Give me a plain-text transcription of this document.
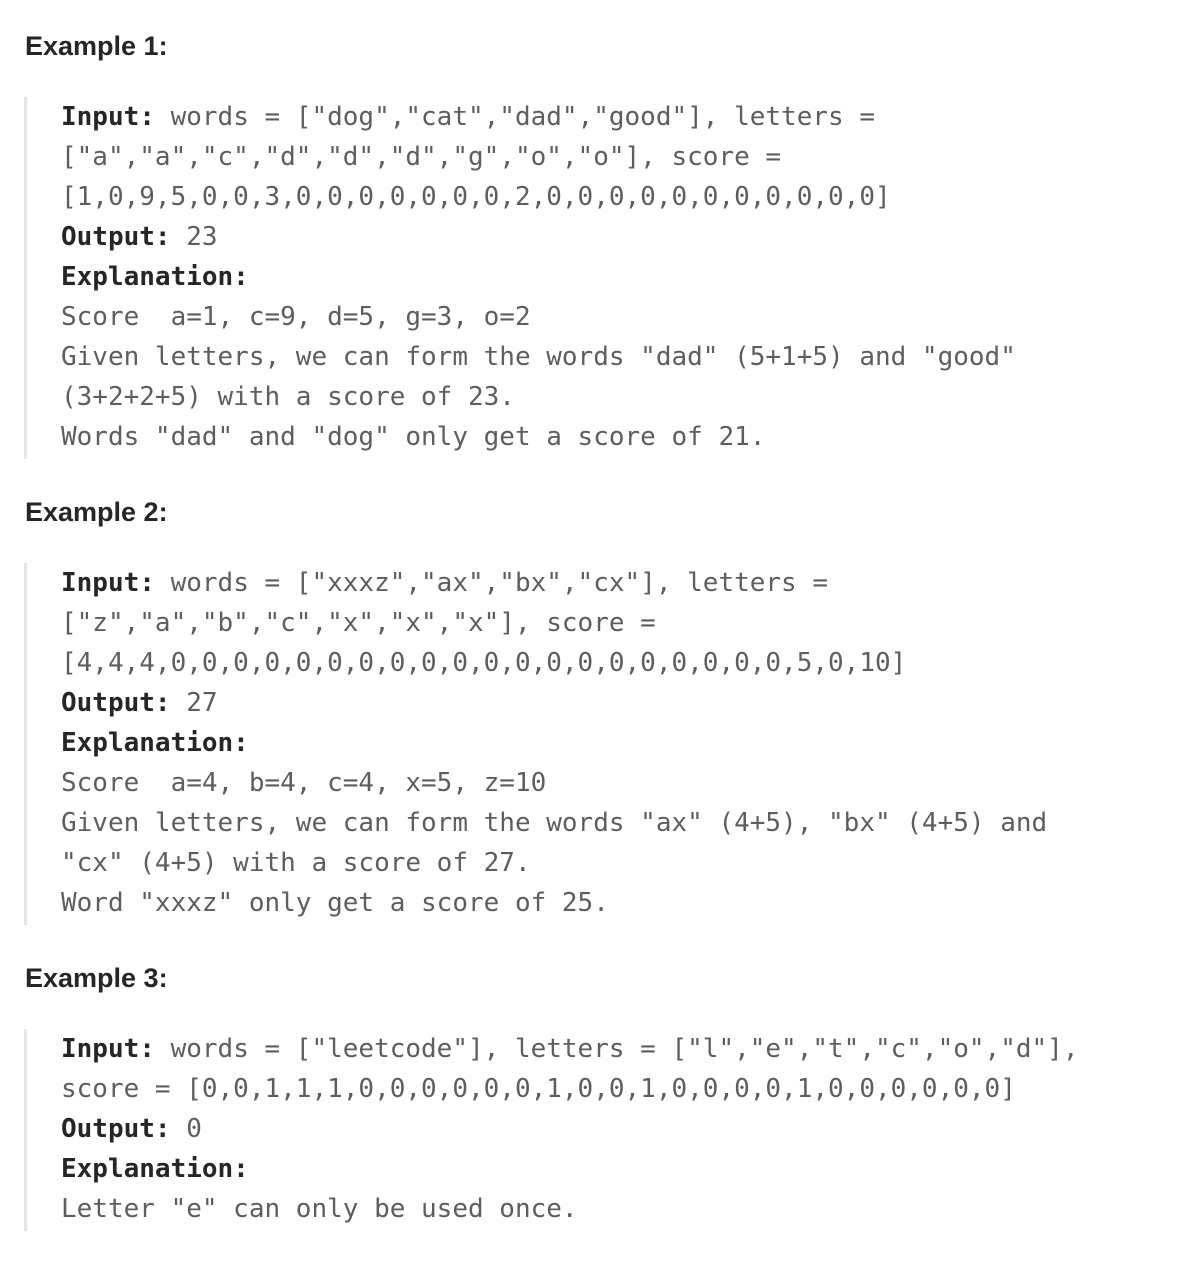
Example 1:
Input: words = ["dog","cat","dad","good"], letters =
["a","a","c","d","d","d","g","o","o"], score =
[1,0,9,5,0,0,3,0,0,0,0,0,0,0,2,0,0,0,0,0,0,0,0,0,0,0]
Output: 23
Explanation:
Score  a=1, c=9, d=5, g=3, o=2
Given letters, we can form the words "dad" (5+1+5) and "good"
(3+2+2+5) with a score of 23.
Words "dad" and "dog" only get a score of 21.
Example 2:
Input: words = ["xxxz","ax","bx","cx"], letters =
["z","a","b","c","x","x","x"], score =
[4,4,4,0,0,0,0,0,0,0,0,0,0,0,0,0,0,0,0,0,0,0,0,5,0,10]
Output: 27
Explanation:
Score  a=4, b=4, c=4, x=5, z=10
Given letters, we can form the words "ax" (4+5), "bx" (4+5) and
"cx" (4+5) with a score of 27.
Word "xxxz" only get a score of 25.
Example 3:
Input: words = ["leetcode"], letters = ["l","e","t","c","o","d"],
score = [0,0,1,1,1,0,0,0,0,0,0,1,0,0,1,0,0,0,0,1,0,0,0,0,0,0]
Output: 0
Explanation:
Letter "e" can only be used once.
